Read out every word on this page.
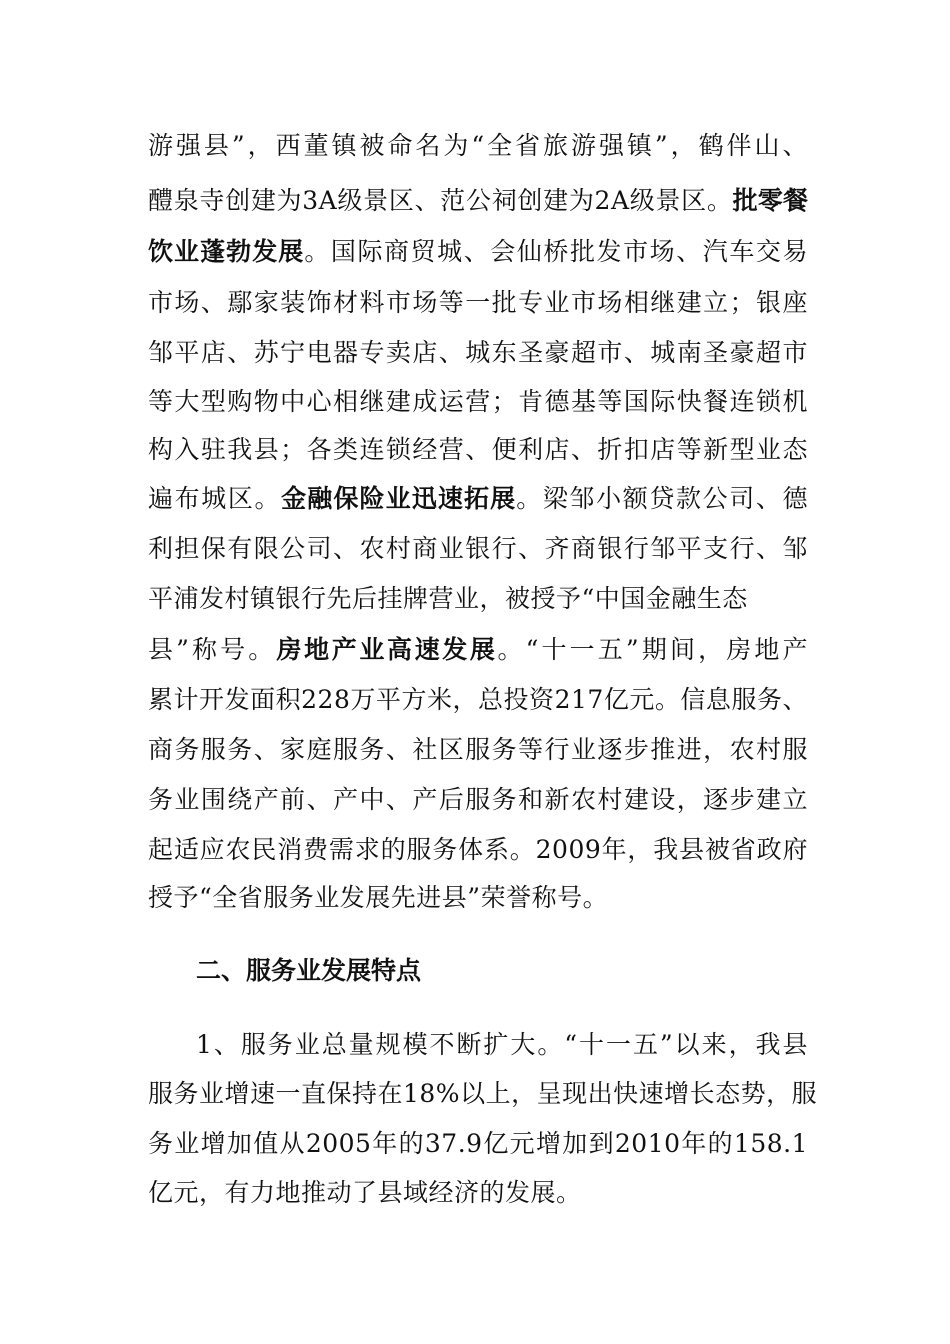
游强县”，西董镇被命名为“全省旅游强镇”，鹤伴山、
醴泉寺创建为3A级景区、范公祠创建为2A级景区。批零餐
饮业蓬勃发展。国际商贸城、会仙桥批发市场、汽车交易
市场、鄢家装饰材料市场等一批专业市场相继建立；银座
邹平店、苏宁电器专卖店、城东圣豪超市、城南圣豪超市
等大型购物中心相继建成运营；肯德基等国际快餐连锁机
构入驻我县；各类连锁经营、便利店、折扣店等新型业态
遍布城区。金融保险业迅速拓展。梁邹小额贷款公司、德
利担保有限公司、农村商业银行、齐商银行邹平支行、邹
平浦发村镇银行先后挂牌营业，被授予“中国金融生态
县”称号。房地产业高速发展。“十一五”期间，房地产
累计开发面积228万平方米，总投资217亿元。信息服务、
商务服务、家庭服务、社区服务等行业逐步推进，农村服
务业围绕产前、产中、产后服务和新农村建设，逐步建立
起适应农民消费需求的服务体系。2009年，我县被省政府
授予“全省服务业发展先进县”荣誉称号。
二、服务业发展特点
1、服务业总量规模不断扩大。“十一五”以来，我县
服务业增速一直保持在18%以上，呈现出快速增长态势，服
务业增加值从2005年的37.9亿元增加到2010年的158.1
亿元，有力地推动了县域经济的发展。
